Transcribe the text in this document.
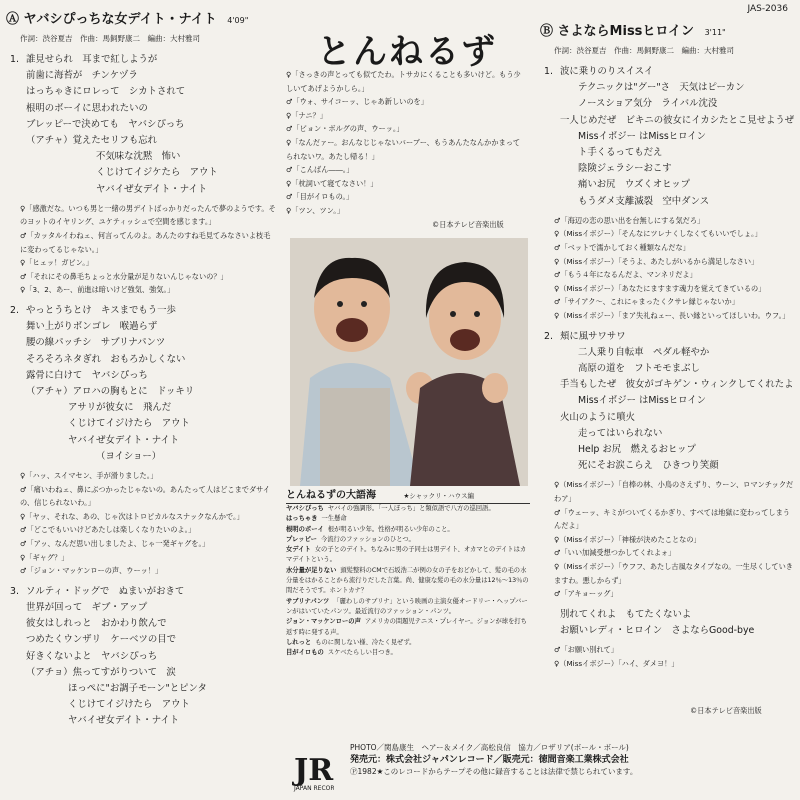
Ⓐ ヤバシぴっちな女デイト・ナイト 4'09"
作詞：渋谷夏吉　作曲：馬飼野康二　編曲：大村雅司
1. 誰見せられ　耳まで紅しようが
前歯に海苔が　チンケヅラ
はっちゃきにロレって　シカトされて
根明のボーイに思われたいの
ブレッピーで決めても　ヤバシぴっち
（アチャ）覚えたセリフも忘れ
不気味な沈黙　怖い
くじけてイジケたら　アウト
ヤバイぜ女デイト・ナイト
♀「感激だな。いつも男と一緒の男デイトばっかりだったんで夢のようです。そのヨットのイヤリング、ユケティッシュで空間を感じます。」
♂「カッタルイわねェ、何言ってんのよ。あんたのすね毛見てみなさいよ枝毛に変わってるじゃない。」
♀「ヒェッ！ガビン。」
♂「それにその鼻毛ちょっと水分量が足りないんじゃないの？」
♀「3、2、あー、前進は暗いけど強気、強気。」
2. やっとうちとけ　キスまでもう一歩
舞い上がりボンゴレ　喉過らず
腰の線パッチシ　サブリナパンツ
そろそろネタぎれ　おもろかしくない
露骨に白けて　ヤバシぴっち
（アチャ）アロハの胸もとに　ドッキリ
アサリが彼女に　飛んだ
くじけてイジけたら　アウト
ヤバイぜ女デイト・ナイト
（ヨイショー）
♀「ハッ、スイマセン、手が滑りました。」
♂「痛いわねェ、鼻にぶつかったじゃないの。あんたって人はどこまでダサイの、信じられないわ。」
♀「ヤッ、それな、あの、じゃ次はトロピカルなスナックなんかで。」
♂「どこでもいいけどあたしは楽しくなりたいのよ。」
♂「アッ、なんだ思い出しましたよ、じゃ一発ギャグを。」
♀「ギャグ？」
♂「ジョン・マッケンローの声、ウーッ！」
3. ソルティ・ドッグで　ぬまいがおきて
世界が回って　ギブ・アップ
彼女はしれっと　おかわり飲んで
つめたくウンザリ　ケーベツの目で
好きくないよと　ヤバシぴっち
（アチョ）焦ってすがりついて　涙
ほっぺに"お調子モーン"とピンタ
くじけてイジけたら　アウト
ヤバイぜ女デイト・ナイト
JAS-2036
とんねるず
♀「さっきの声とっても似てたわ。トサカにくることも多いけど。もう少しいてあげようかしら。」
♂「ウォ、サイコーッ、じゃあ新しいのを」
♀「ナニ？」
♂「ビョン・ボルグの声、ウーッ。」
♀「なんだァー。おんなじじゃないバーブー、もうあんたなんかかまってられないワ。あたし帰る！」
♂「こんばん――。」
♀「枕詞いて寝てなさい！」
♂「目がイロもの。」
♀「ツン、ツン。」
©日本テレビ音楽出版
とんねるずの大語海	★シャックリ・ハウス編
ヤバシぴっち ヤバイの強調形。「一人ぼっち」と類似語で八方の巡回語。
はっちゃき 一生懸命
根明のボーイ 根が明るい少年。性格が明るい少年のこと。
プレッピー 今流行のファッションのひとつ。
女デイト 女の子とのデイト。ちなみに男の子同士は男デイト、オカマとのデイトはカマデイトという。
水分量が足りない 頭髪整料のCMで石坂浩二が例の女の子をおどかして、髪の毛の水分量をはかることから流行りだした言葉。尚、健康な髪の毛の水分量は12％～13％の間だそうです。ホントカナ？
サブリナパンツ 「麗わしのサブリナ」という映画の主演女優オードリー・ヘップバーンがはいていたパンツ。最近流行のファッション・パンツ。
ジョン・マッケンローの声 アメリカの問題児テニス・プレイヤー。ジョンが球を打ち返す時に発する声。
しれっと ものに関しない様、冷たく見ぜず。
目がイロもの スケベたらしい目つき。
Ⓑ さよならMissヒロイン 3'11"
作詞：渋谷夏吉　作曲：馬飼野康二　編曲：大村雅司
1. 波に乗りのりスイスイ
テクニックは"グー"さ　天気はピーカン
ノースショア気分　ライバル沈没
一人じめだぜ　ビキニの彼女にイカシたとこ見せようぜ
Missイボジー はMissヒロイン
ト手くるってもだえ
陰険ジェラシーおこす
痛いお尻　ウズくオヒップ
もうダメ支離滅裂　空中ダンス
♂「海辺の恋の思い出を台無しにする気だろ」
♀（Missイボジー）「そんなにツレナくしなくてもいいでしょ。」
♂「ベットで濡かしておく種類なんだな」
♀（Missイボジー）「そうよ、あたしがいるから満足しなさい」
♂「もう４年になるんだよ、マンネリだよ」
♀（Missイボジー）「あなたにますます魂力を覚えてきているの」
♂「サイアク～、これにゃまったくクサレ縁じゃないか」
♀（Missイボジー）「まア失礼ねェー、長い縁といってほしいわ。ウフ。」
2. 頬に風サワサワ
二人乗り自転車　ペダル軽やか
高原の道を　フトモモまぶし
手当もしたぜ　彼女がゴキゲン・ウィンクしてくれたよ
Missイボジー はMissヒロイン
火山のように噴火
走ってはいられない
Help お尻　燃えるおヒップ
死にそお涙こらえ　ひきつり笑顔
♀（Missイボジー）「自棒の林、小鳥のさえずり、ウーン、ロマンチックだわア」
♂「ウェーッ、キミがついてくるかぎり、すべては地獄に変わってしまうんだよ」
♀（Missイボジー）「神様が決めたことなの」
♂「いい加減受想つかしてくれよォ」
♀（Missイボジー）「ウフフ、あたし古風なタイプなの。一生尽くしていきますわ。悪しからず」
♂「アキョーッグ」
別れてくれよ　もてたくないよ
お願いレディ・ヒロイン　さよならGood-bye
♂「お願い別れて」
♀（Missイボジー）「ハイ、ダメヨ！」
©日本テレビ音楽出版
JR
JAPAN RECOR
PHOTO／関島康生　ヘアー＆メイク／高松良信　協力／ロザリア(ボール・ボール)
発売元：株式会社ジャパンレコード／販売元：徳間音楽工業株式会社
Ⓟ1982★このレコードからテープその他に録音することは法律で禁じられています。
